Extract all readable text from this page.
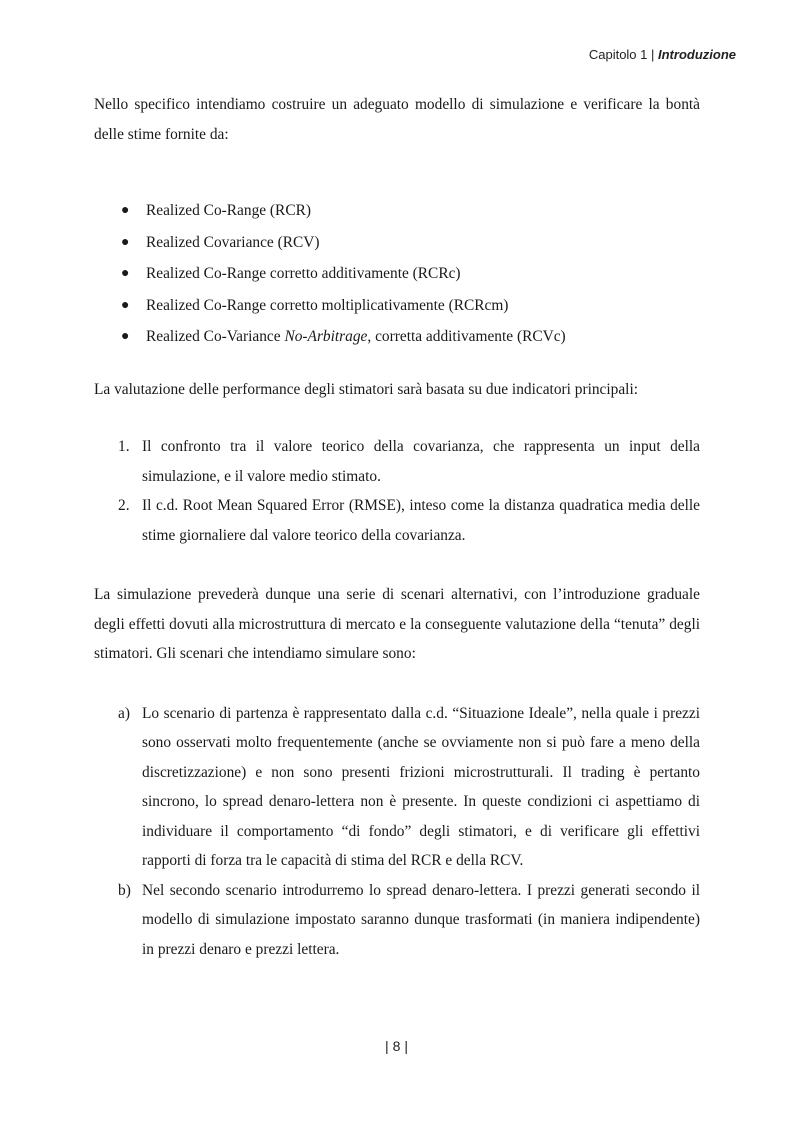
Capitolo 1 | Introduzione

Nello specifico intendiamo costruire un adeguato modello di simulazione e verificare la bontà delle stime fornite da:

● Realized Co-Range (RCR)
● Realized Covariance (RCV)
● Realized Co-Range corretto additivamente (RCRc)
● Realized Co-Range corretto moltiplicativamente (RCRcm)
● Realized Co-Variance No-Arbitrage, corretta additivamente (RCVc)

La valutazione delle performance degli stimatori sarà basata su due indicatori principali:

1. Il confronto tra il valore teorico della covarianza, che rappresenta un input della simulazione, e il valore medio stimato.
2. Il c.d. Root Mean Squared Error (RMSE), inteso come la distanza quadratica media delle stime giornaliere dal valore teorico della covarianza.

La simulazione prevederà dunque una serie di scenari alternativi, con l’introduzione graduale degli effetti dovuti alla microstruttura di mercato e la conseguente valutazione della “tenuta” degli stimatori. Gli scenari che intendiamo simulare sono:

a) Lo scenario di partenza è rappresentato dalla c.d. “Situazione Ideale”, nella quale i prezzi sono osservati molto frequentemente (anche se ovviamente non si può fare a meno della discretizzazione) e non sono presenti frizioni microstrutturali. Il trading è pertanto sincrono, lo spread denaro-lettera non è presente. In queste condizioni ci aspettiamo di individuare il comportamento “di fondo” degli stimatori, e di verificare gli effettivi rapporti di forza tra le capacità di stima del RCR e della RCV.
b) Nel secondo scenario introdurremo lo spread denaro-lettera. I prezzi generati secondo il modello di simulazione impostato saranno dunque trasformati (in maniera indipendente) in prezzi denaro e prezzi lettera.
| 8 |
